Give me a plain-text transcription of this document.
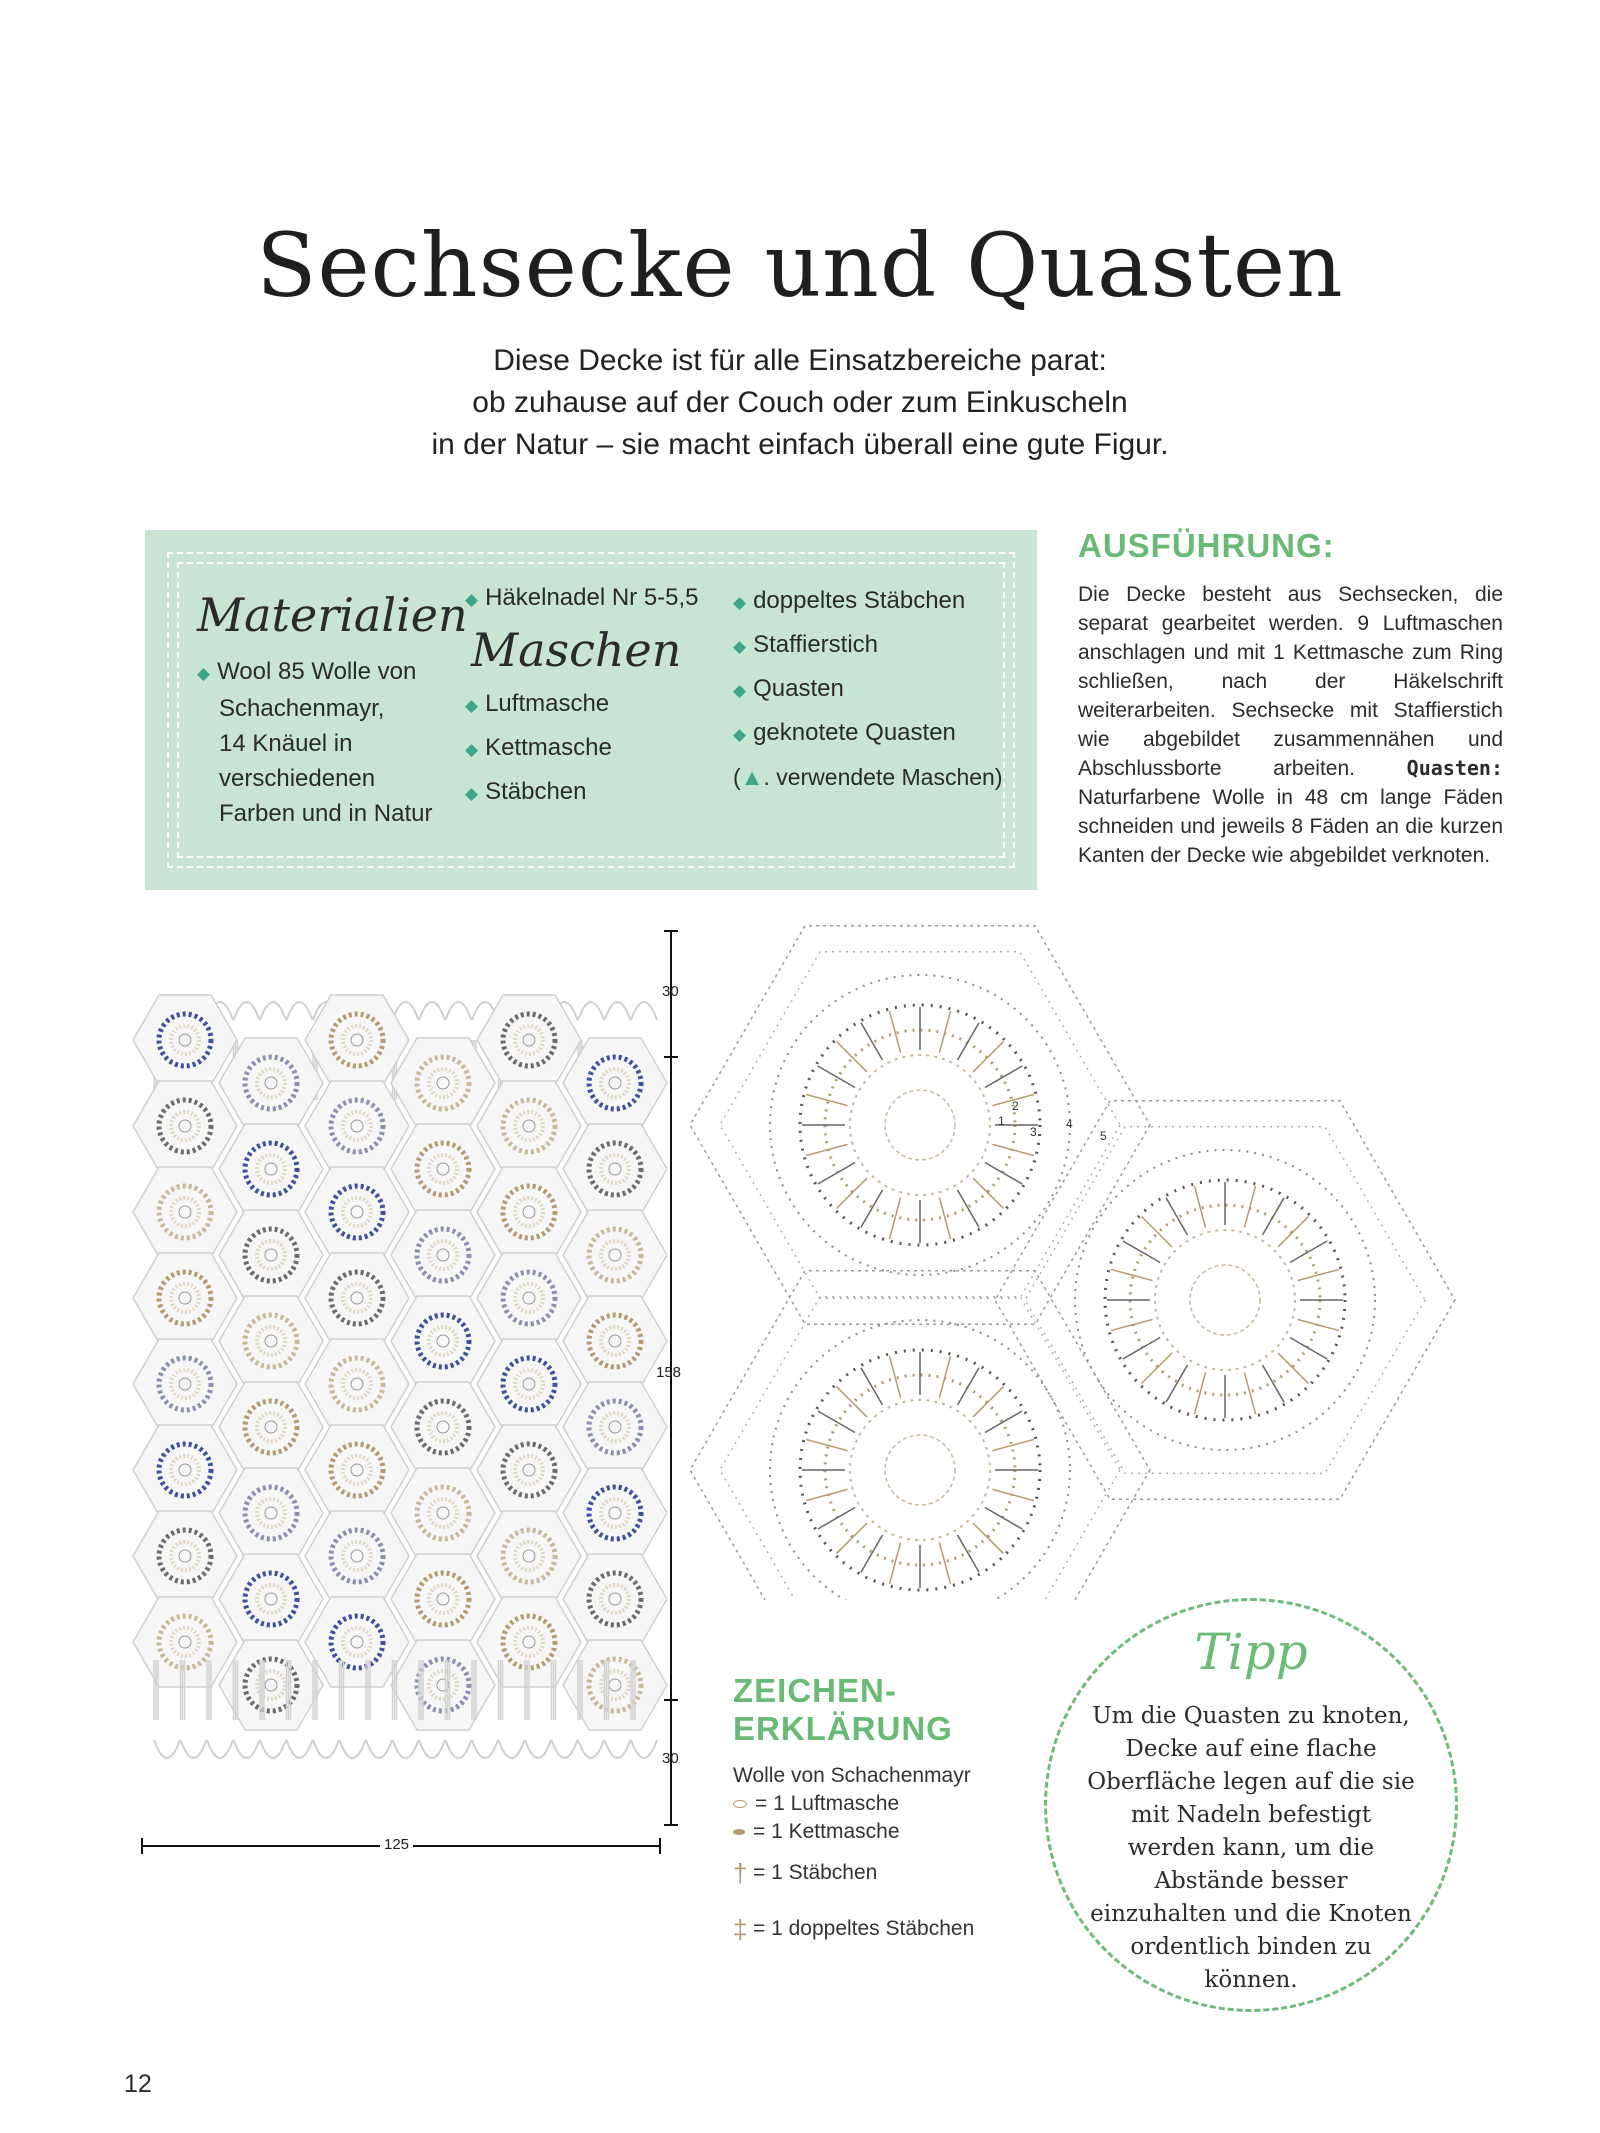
Sechsecke und Quasten
Diese Decke ist für alle Einsatzbereiche parat:
ob zuhause auf der Couch oder zum Einkuscheln
in der Natur – sie macht einfach überall eine gute Figur.
Materialien
◆ Wool 85 Wolle von
Schachenmayr,
14 Knäuel in
verschiedenen
Farben und in Natur
◆ Häkelnadel Nr 5-5,5
Maschen
◆ Luftmasche
◆ Kettmasche
◆ Stäbchen
◆ doppeltes Stäbchen
◆ Staffierstich
◆ Quasten
◆ geknotete Quasten
(▲. verwendete Maschen)
AUSFÜHRUNG:
Die Decke besteht aus Sechsecken, die separat gearbeitet werden. 9 Luftmaschen anschlagen und mit 1 Kettmasche zum Ring schließen, nach der Häkelschrift weiterarbeiten. Sechsecke mit Staffierstich wie abgebildet zusammennähen und Abschlussborte arbeiten.	Quasten: Naturfarbene Wolle in 48 cm lange Fäden schneiden und jeweils 8 Fäden an die kurzen Kanten der Decke wie abgebildet verknoten.
30
158
30
125
1
2
3
4
5
ZEICHEN-
ERKLÄRUNG
Wolle von Schachenmayr
= 1 Luftmasche
= 1 Kettmasche
† = 1 Stäbchen
‡ = 1 doppeltes Stäbchen
Tipp
Um die Quasten zu knoten, Decke auf eine flache Oberfläche legen auf die sie mit Nadeln befestigt werden kann, um die Abstände besser einzuhalten und die Knoten ordentlich binden zu können.
12
